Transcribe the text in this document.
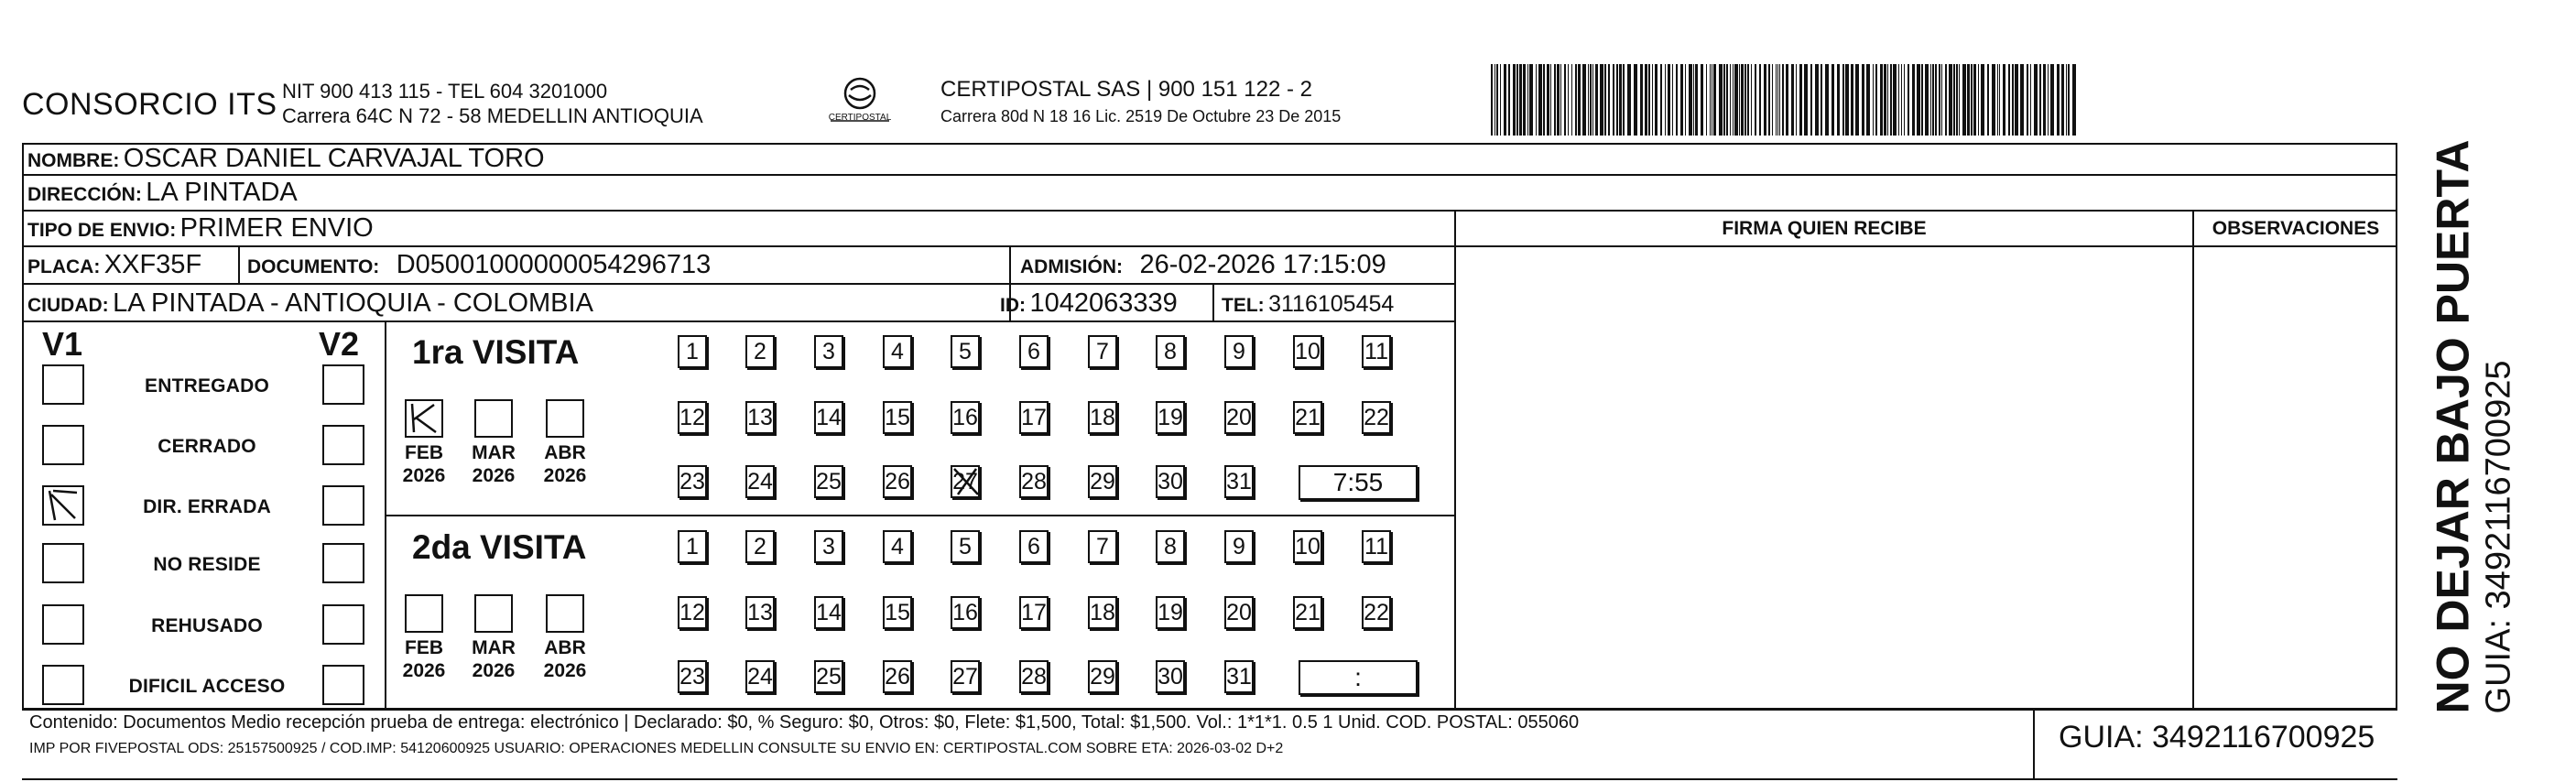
CONSORCIO ITS NIT 900 413 115 - TEL 604 3201000
Carrera 64C N 72 - 58 MEDELLIN ANTIOQUIA	CERTIPOSTAL
CERTIPOSTAL SAS | 900 151 122 - 2
Carrera 80d N 18 16 Lic. 2519 De Octubre 23 De 2015
NOMBRE: OSCAR DANIEL CARVAJAL TORO
DIRECCIÓN: LA PINTADA
TIPO DE ENVIO: PRIMER ENVIO
PLACA: XXF35F DOCUMENTO: D05001000000054296713	ADMISIÓN: 26-02-2026 17:15:09
CIUDAD: LA PINTADA - ANTIOQUIA - COLOMBIA	ID: 1042063339 TEL: 3116105454
FIRMA QUIEN RECIBE	OBSERVACIONES
V1	V2
ENTREGADO
CERRADO
DIR. ERRADA
NO RESIDE
REHUSADO
DIFICIL ACCESO
1ra VISITA
FEB
2026
MAR
2026
ABR
2026
1	2	3	4	5	6	7	8	9	10 11
12 13 14 15 16 17 18 19 20 21 22
23 24 25 26 27 28 29 30 31	7:55
2da VISITA
FEB
2026
MAR
2026
ABR
2026
1	2	3	4	5	6	7	8	9	10 11
12 13 14 15 16 17 18 19 20 21 22
23 24 25 26 27 28 29 30 31	:
Contenido: Documentos Medio recepción prueba de entrega: electrónico | Declarado: $0, % Seguro: $0, Otros: $0, Flete: $1,500, Total: $1,500. Vol.: 1*1*1. 0.5 1 Unid. COD. POSTAL: 055060
IMP POR FIVEPOSTAL ODS: 25157500925 / COD.IMP: 54120600925 USUARIO: OPERACIONES MEDELLIN CONSULTE SU ENVIO EN: CERTIPOSTAL.COM SOBRE ETA: 2026-03-02 D+2	GUIA: 3492116700925
NO DEJAR BAJO PUERTA GUIA: 3492116700925
